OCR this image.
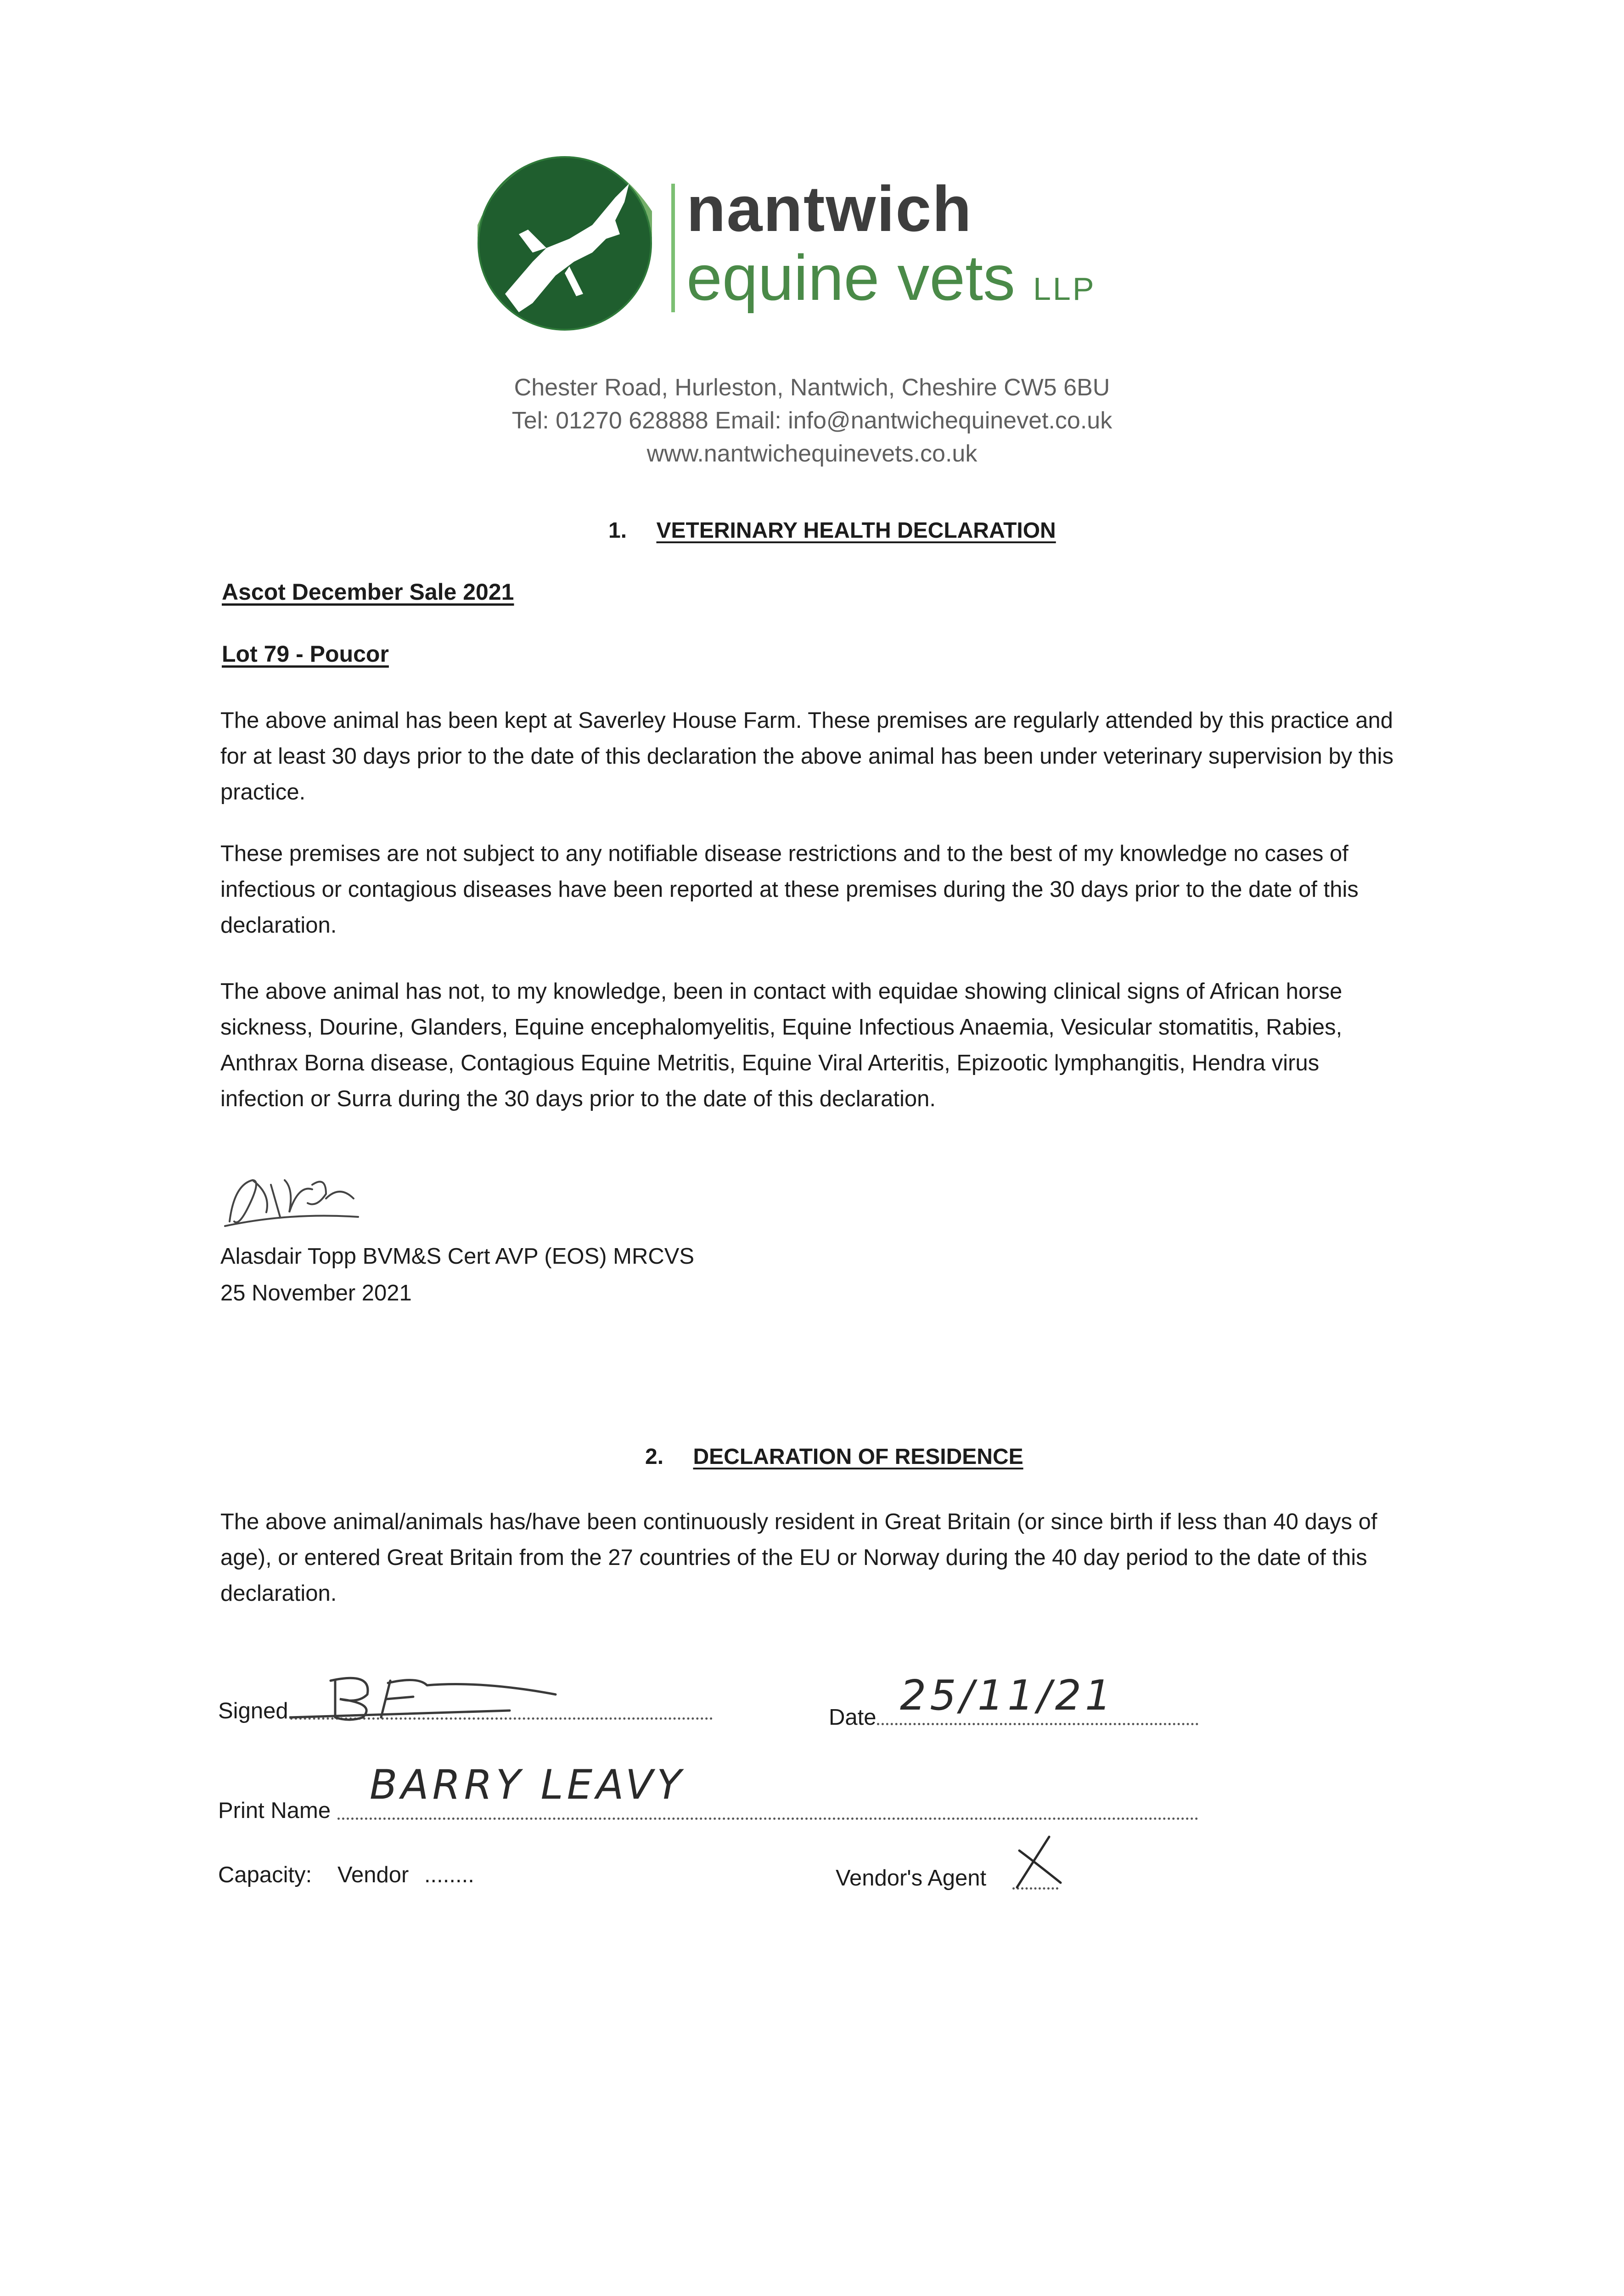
nantwich
equine vets LLP
Chester Road, Hurleston, Nantwich, Cheshire CW5 6BU
Tel: 01270 628888 Email: info@nantwichequinevet.co.uk
www.nantwichequinevets.co.uk
1. VETERINARY HEALTH DECLARATION
Ascot December Sale 2021
Lot 79 - Poucor

The above animal has been kept at Saverley House Farm. These premises are regularly attended by this practice and for at least 30 days prior to the date of this declaration the above animal has been under veterinary supervision by this practice.

These premises are not subject to any notifiable disease restrictions and to the best of my knowledge no cases of infectious or contagious diseases have been reported at these premises during the 30 days prior to the date of this declaration.

The above animal has not, to my knowledge, been in contact with equidae showing clinical signs of African horse sickness, Dourine, Glanders, Equine encephalomyelitis, Equine Infectious Anaemia, Vesicular stomatitis, Rabies, Anthrax Borna disease, Contagious Equine Metritis, Equine Viral Arteritis, Epizootic lymphangitis, Hendra virus infection or Surra during the 30 days prior to the date of this declaration.

Alasdair Topp BVM&S Cert AVP (EOS) MRCVS
25 November 2021
2. DECLARATION OF RESIDENCE

The above animal/animals has/have been continuously resident in Great Britain (or since birth if less than 40 days of age), or entered Great Britain from the 27 countries of the EU or Norway during the 40 day period to the date of this declaration.

Signed	Date 25/11/21
Print Name
BARRY LEAVY
Capacity: Vendor ........	Vendor's Agent
